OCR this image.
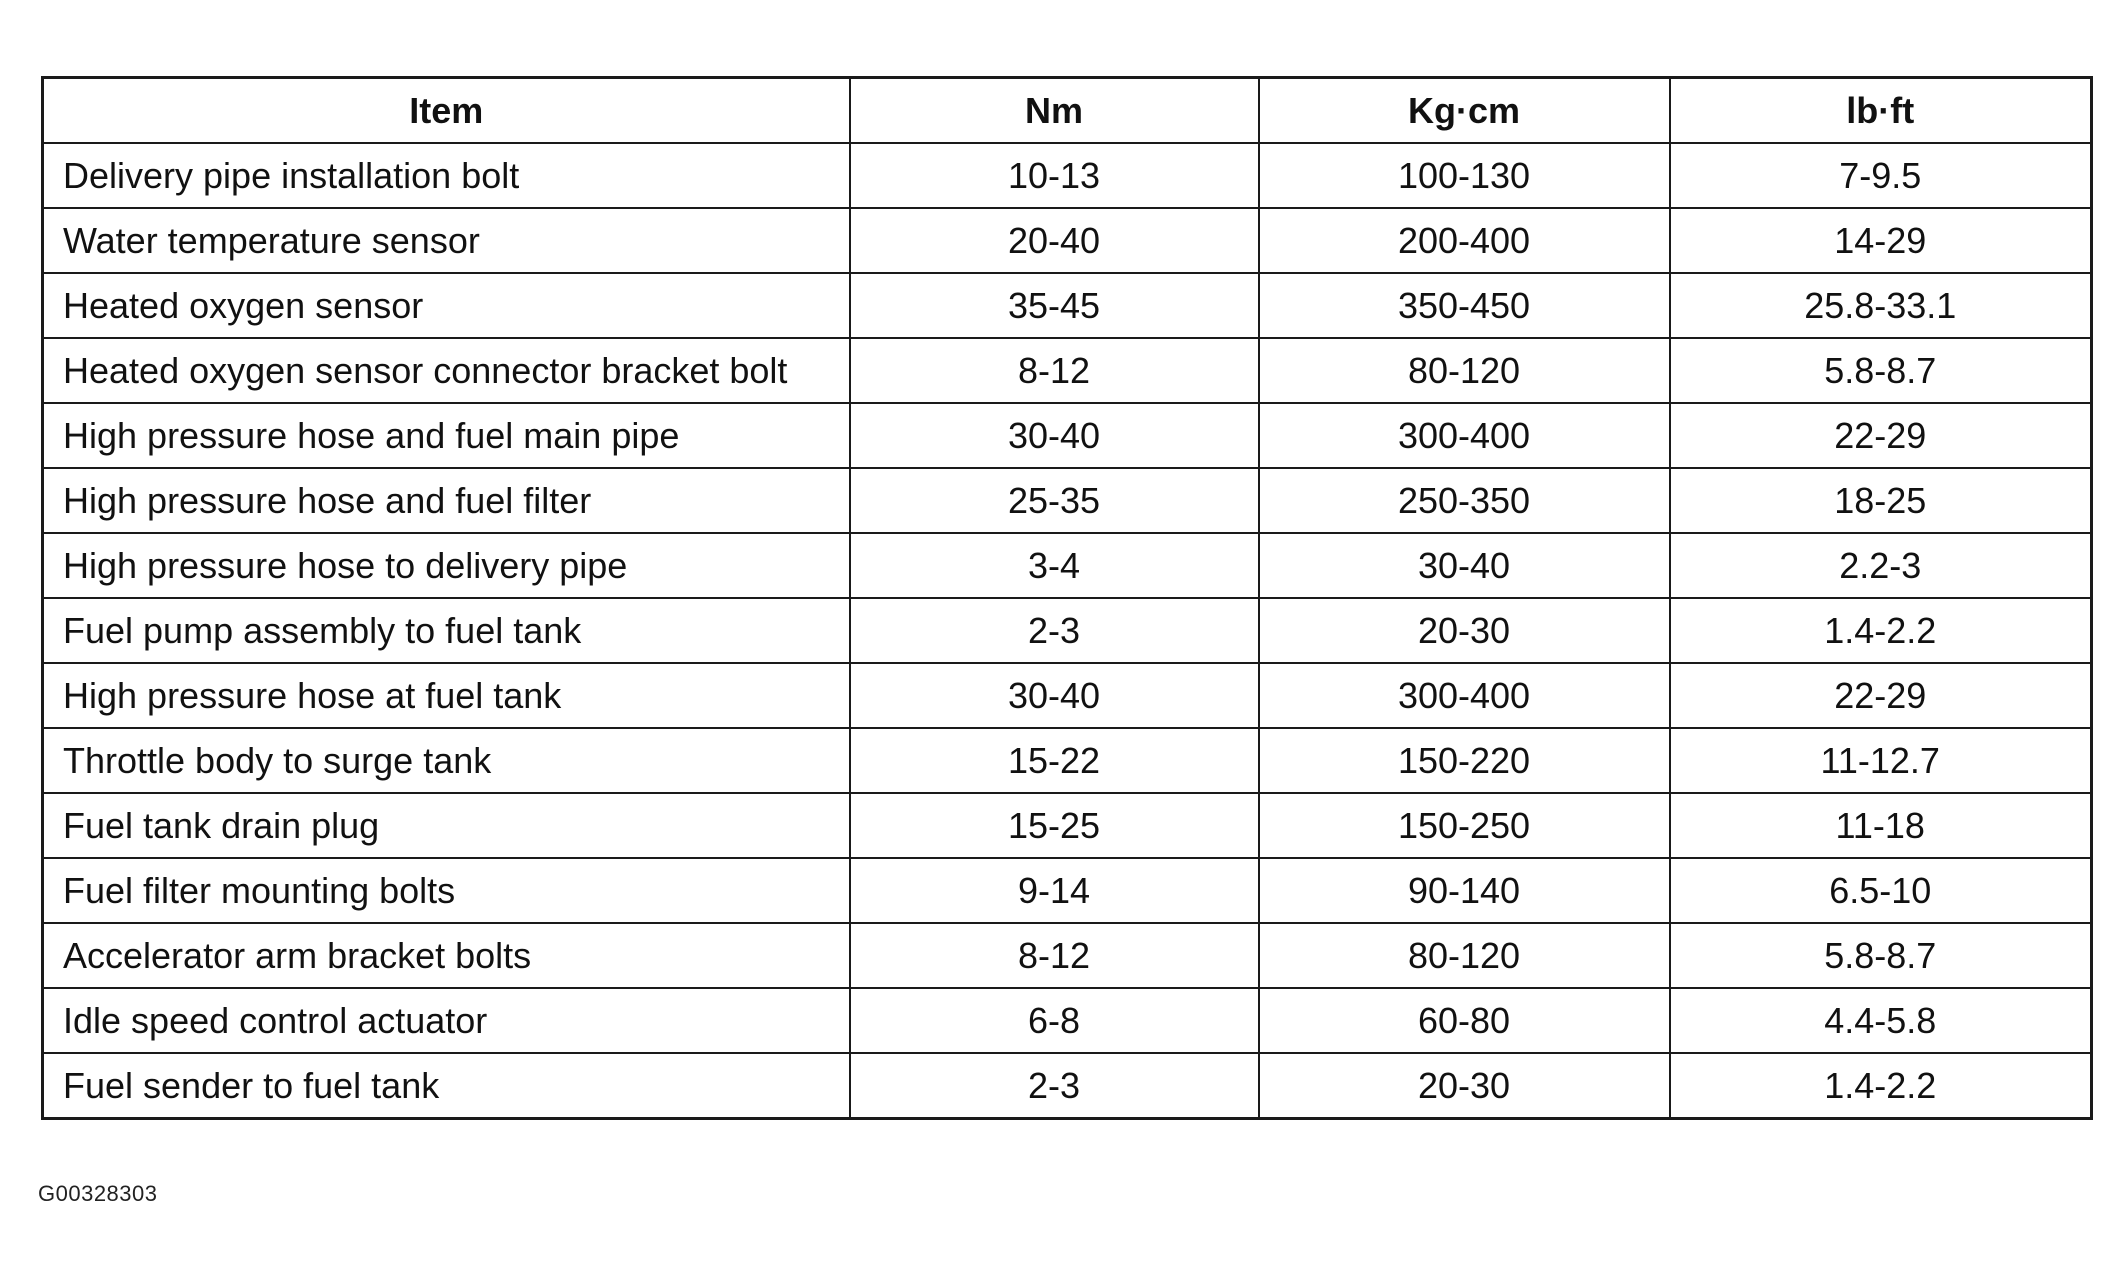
Item	Nm	Kg·cm	lb·ft
Delivery pipe installation bolt	10-13	100-130	7-9.5
Water temperature sensor	20-40	200-400	14-29
Heated oxygen sensor	35-45	350-450	25.8-33.1
Heated oxygen sensor connector bracket bolt	8-12	80-120	5.8-8.7
High pressure hose and fuel main pipe	30-40	300-400	22-29
High pressure hose and fuel filter	25-35	250-350	18-25
High pressure hose to delivery pipe	3-4	30-40	2.2-3
Fuel pump assembly to fuel tank	2-3	20-30	1.4-2.2
High pressure hose at fuel tank	30-40	300-400	22-29
Throttle body to surge tank	15-22	150-220	11-12.7
Fuel tank drain plug	15-25	150-250	11-18
Fuel filter mounting bolts	9-14	90-140	6.5-10
Accelerator arm bracket bolts	8-12	80-120	5.8-8.7
Idle speed control actuator	6-8	60-80	4.4-5.8
Fuel sender to fuel tank	2-3	20-30	1.4-2.2
G00328303
